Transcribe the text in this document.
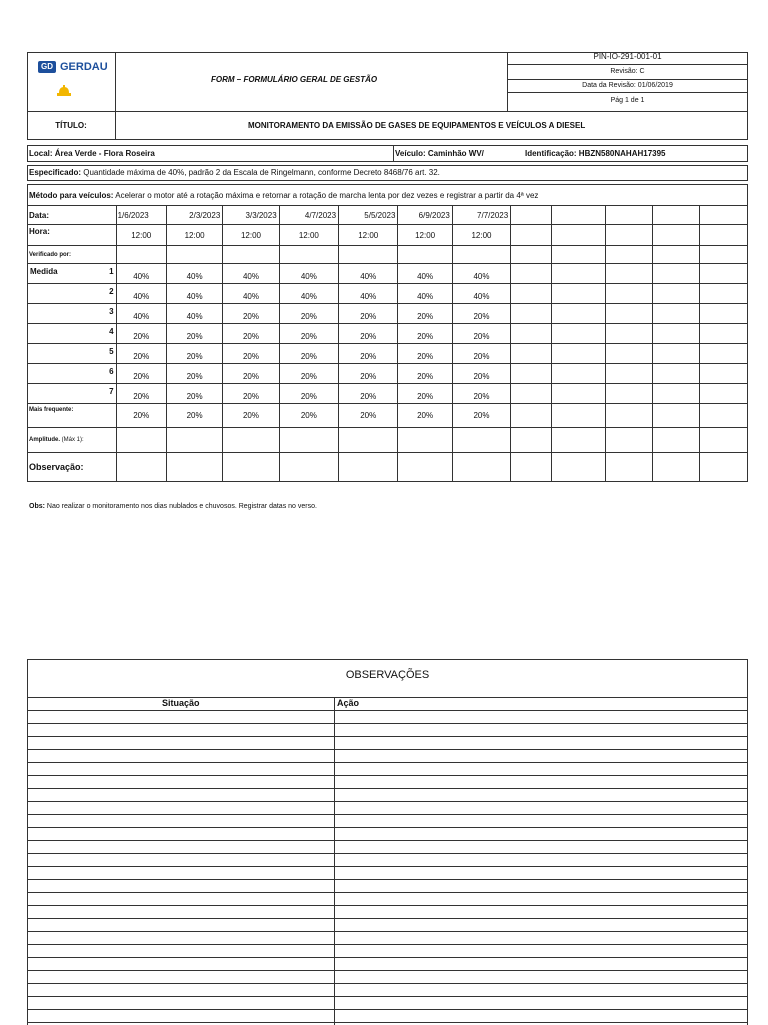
GD GERDAU
FORM – FORMULÁRIO GERAL DE GESTÃO
PIN-IO-291-001-01
Revisão: C
Data da Revisão: 01/06/2019
Pág 1 de 1
TÍTULO:	MONITORAMENTO DA EMISSÃO DE GASES DE EQUIPAMENTOS E VEÍCULOS A DIESEL
Local: Área Verde - Flora Roseira	Veículo: Caminhão WV/	Identificação: HBZN580NAHAH17395
Especificado: Quantidade máxima de 40%, padrão 2 da Escala de Ringelmann, conforme Decreto 8468/76 art. 32.
Método para veículos: Acelerar o motor até a rotação máxima e retornar a rotação de marcha lenta por dez vezes e registrar a partir da 4ª vez

Data:	1/6/2023	2/3/2023	3/3/2023	4/7/2023	5/5/2023	6/9/2023	7/7/2023					
Hora:	12:00	12:00	12:00	12:00	12:00	12:00	12:00					
Verificado por:												

Medida 1	40%	40%	40%	40%	40%	40%	40%					

2	40%	40%	40%	40%	40%	40%	40%					

3	40%	40%	20%	20%	20%	20%	20%					

4	20%	20%	20%	20%	20%	20%	20%					

5	20%	20%	20%	20%	20%	20%	20%					

6	20%	20%	20%	20%	20%	20%	20%					

7	20%	20%	20%	20%	20%	20%	20%					
Mais frequente:	20%	20%	20%	20%	20%	20%	20%					
Amplitude. (Máx 1):												
Observação:												
Obs: Nao realizar o monitoramento nos dias nublados e chuvosos. Registrar datas no verso.
OBSERVAÇÕES
Situação	Ação
